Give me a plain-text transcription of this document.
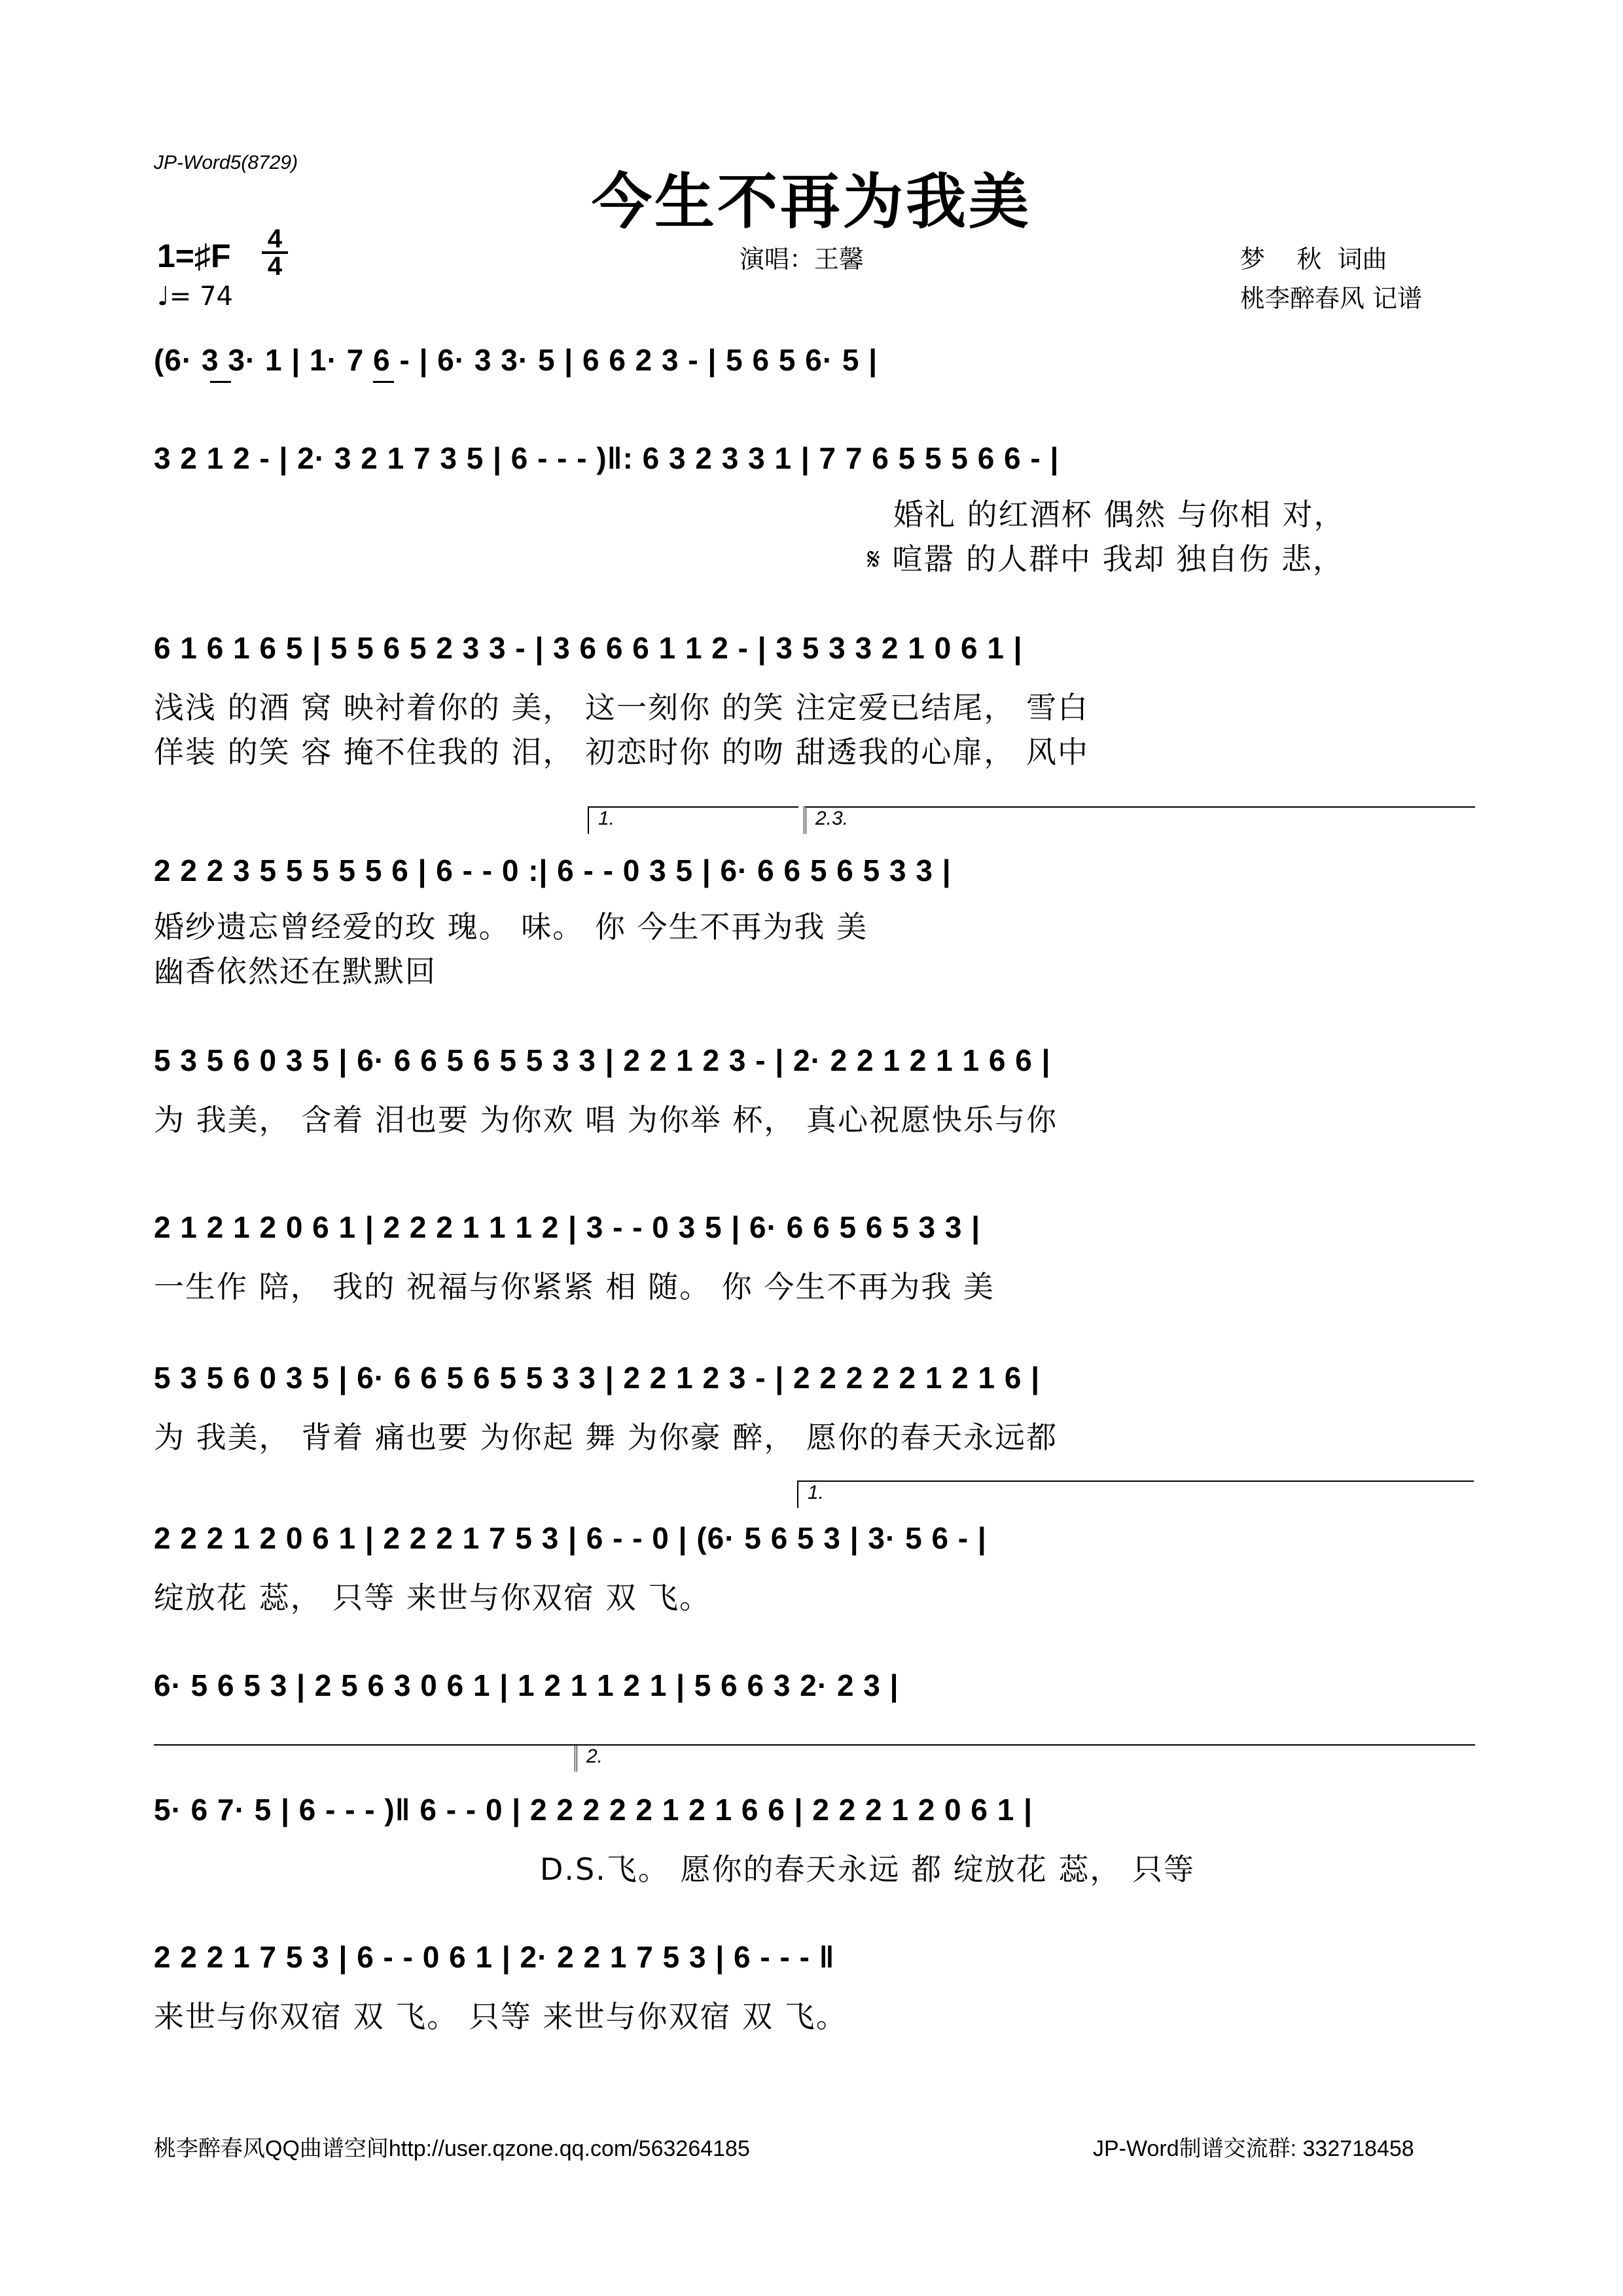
JP-Word5(8729)
今生不再为我美
1=♯F 4
4
♩= 74
演唱：王馨	梦    秋  词曲
桃李醉春风 记谱
(6· 3 3· 1 | 1· 7 6 - | 6· 3 3· 5 | 6 6 2 3 - | 5 6 5 6· 5 |
3 2 1 2 - | 2· 3 2 1 7 3 5 | 6 - - - )‖: 6 3 2 3 3 1 | 7 7 6 5 5 5 6 6 - |
婚礼 的红酒杯 偶然 与你相 对，
𝄋 喧嚣 的人群中 我却 独自伤 悲，
6 1 6 1 6 5 | 5 5 6 5 2 3 3 - | 3 6 6 6 1 1 2 - | 3 5 3 3 2 1 0 6 1 |
浅浅 的酒 窝 映衬着你的 美， 这一刻你 的笑 注定爱已结尾， 雪白
佯装 的笑 容 掩不住我的 泪， 初恋时你 的吻 甜透我的心扉， 风中
1.	2.3.
2 2 2 3 5 5 5 5 5 6 | 6 - - 0 :| 6 - - 0 3 5 | 6· 6 6 5 6 5 3 3 |
婚纱遗忘曾经爱的玫 瑰。 味。 你 今生不再为我 美
幽香依然还在默默回
5 3 5 6 0 3 5 | 6· 6 6 5 6 5 5 3 3 | 2 2 1 2 3 - | 2· 2 2 1 2 1 1 6 6 |
为 我美， 含着 泪也要 为你欢 唱 为你举 杯， 真心祝愿快乐与你
2 1 2 1 2 0 6 1 | 2 2 2 1 1 1 2 | 3 - - 0 3 5 | 6· 6 6 5 6 5 3 3 |
一生作 陪， 我的 祝福与你紧紧 相 随。 你 今生不再为我 美
5 3 5 6 0 3 5 | 6· 6 6 5 6 5 5 3 3 | 2 2 1 2 3 - | 2 2 2 2 2 1 2 1 6 |
为 我美， 背着 痛也要 为你起 舞 为你豪 醉， 愿你的春天永远都
1.
2 2 2 1 2 0 6 1 | 2 2 2 1 7 5 3 | 6 - - 0 | (6· 5 6 5 3 | 3· 5 6 - |
绽放花 蕊， 只等 来世与你双宿 双 飞。
6· 5 6 5 3 | 2 5 6 3 0 6 1 | 1 2 1 1 2 1 | 5 6 6 3 2· 2 3 |
2.
5· 6 7· 5 | 6 - - - )‖ 6 - - 0 | 2 2 2 2 2 1 2 1 6 6 | 2 2 2 1 2 0 6 1 |
D.S.飞。 愿你的春天永远 都 绽放花 蕊， 只等
2 2 2 1 7 5 3 | 6 - - 0 6 1 | 2· 2 2 1 7 5 3 | 6 - - - ‖
来世与你双宿 双 飞。 只等 来世与你双宿 双 飞。
桃李醉春风QQ曲谱空间http://user.qzone.qq.com/563264185	JP-Word制谱交流群: 332718458
